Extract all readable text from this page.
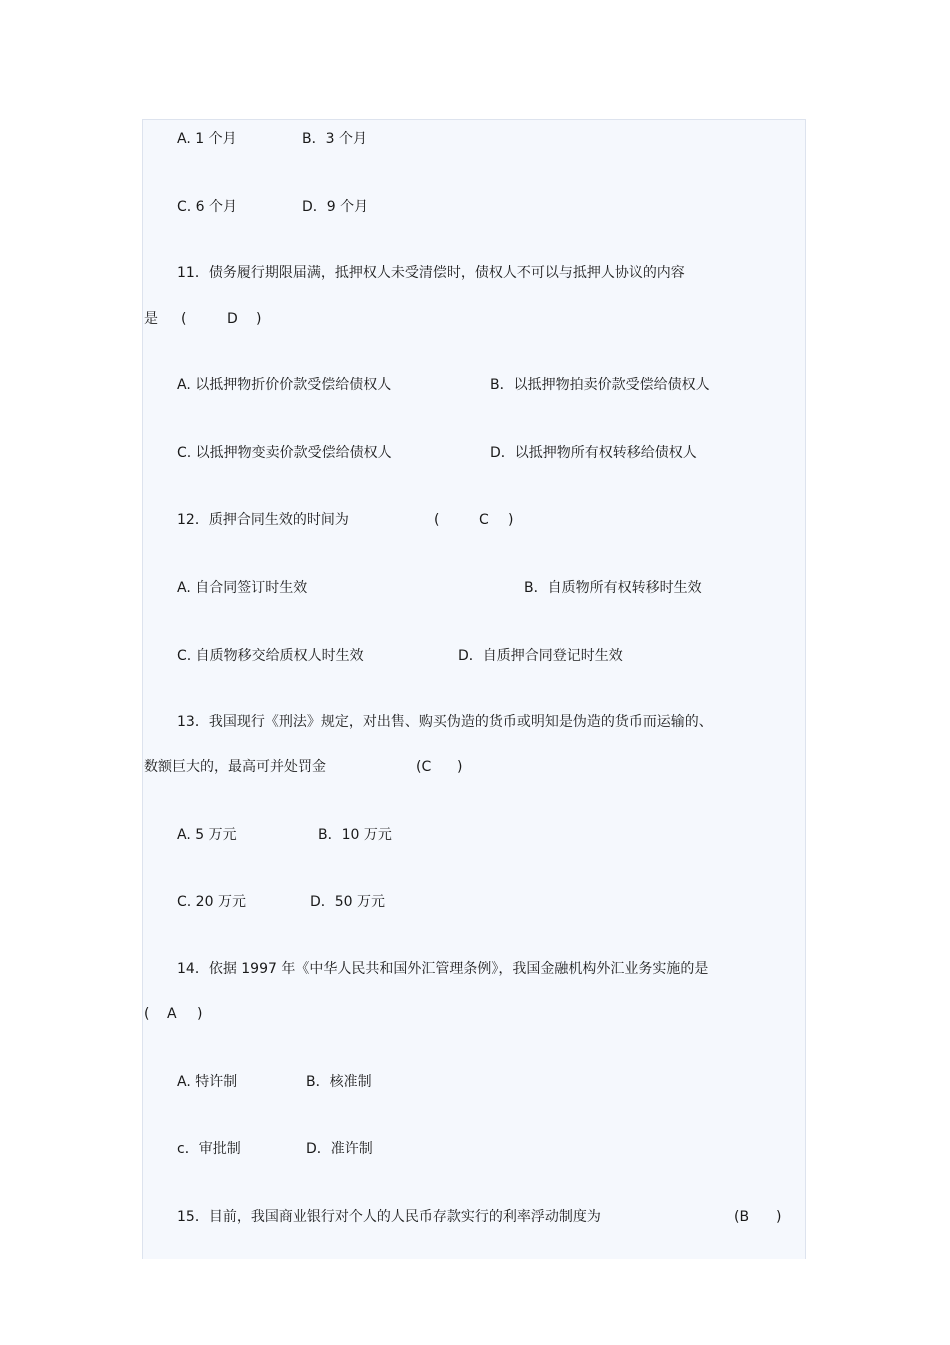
A. 1 个月	B．3 个月
C. 6 个月	D．9 个月
11．债务履行期限届满，抵押权人未受清偿时，债权人不可以与抵押人协议的内容
是 (	D )
A. 以抵押物折价价款受偿给债权人	B．以抵押物拍卖价款受偿给债权人
C. 以抵押物变卖价款受偿给债权人	D．以抵押物所有权转移给债权人
12．质押合同生效的时间为	(	C )
A. 自合同签订时生效	B．自质物所有权转移时生效
C. 自质物移交给质权人时生效	D．自质押合同登记时生效
13．我国现行《刑法》规定，对出售、购买伪造的货币或明知是伪造的货币而运输的、
数额巨大的，最高可并处罚金	(C )
A. 5 万元	B．10 万元
C. 20 万元	D．50 万元
14．依据 1997 年《中华人民共和国外汇管理条例》，我国金融机构外汇业务实施的是
( A )
A. 特许制	B．核准制
c．审批制	D．准许制
15．目前，我国商业银行对个人的人民币存款实行的利率浮动制度为	(B )
